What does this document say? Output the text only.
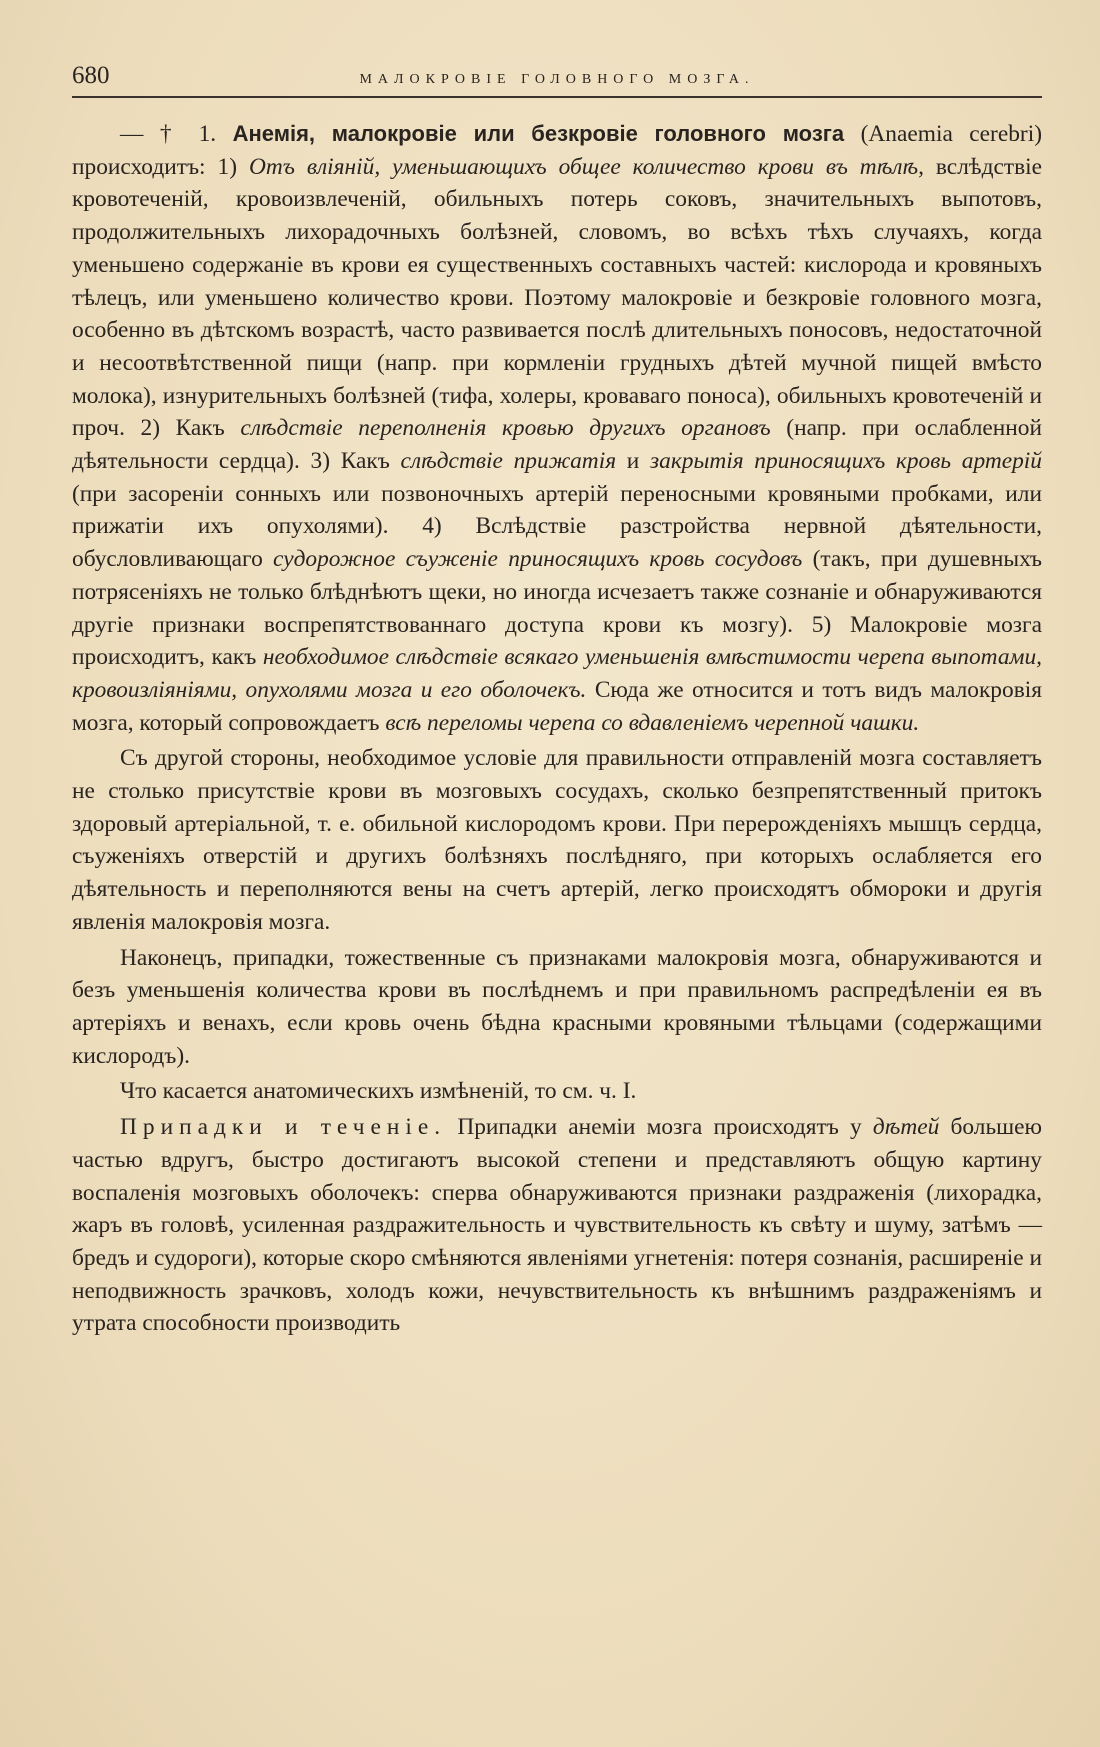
680	МАЛОКРОВІЕ ГОЛОВНОГО МОЗГА.

— † 1. Анемія, малокровіе или безкровіе головного мозга (Anaemia cerebri) происходитъ: 1) Отъ вліяній, уменьшающихъ общее количество крови въ тѣлѣ, вслѣдствіе кровотеченій, кровоизвлеченій, обильныхъ потерь соковъ, значительныхъ выпотовъ, продолжительныхъ лихорадочныхъ болѣзней, словомъ, во всѣхъ тѣхъ случаяхъ, когда уменьшено содержаніе въ крови ея существенныхъ составныхъ частей: кислорода и кровяныхъ тѣлецъ, или уменьшено количество крови. Поэтому малокровіе и безкровіе головного мозга, особенно въ дѣтскомъ возрастѣ, часто развивается послѣ длительныхъ поносовъ, недостаточной и несоотвѣтственной пищи (напр. при кормленіи грудныхъ дѣтей мучной пищей вмѣсто молока), изнурительныхъ болѣзней (тифа, холеры, кроваваго поноса), обильныхъ кровотеченій и проч. 2) Какъ слѣдствіе переполненія кровью другихъ органовъ (напр. при ослабленной дѣятельности сердца). 3) Какъ слѣдствіе прижатія и закрытія приносящихъ кровь артерій (при засореніи сонныхъ или позвоночныхъ артерій переносными кровяными пробками, или прижатіи ихъ опухолями). 4) Вслѣдствіе разстройства нервной дѣятельности, обусловливающаго судорожное съуженіе приносящихъ кровь сосудовъ (такъ, при душевныхъ потрясеніяхъ не только блѣднѣютъ щеки, но иногда исчезаетъ также сознаніе и обнаруживаются другіе признаки воспрепятствованнаго доступа крови къ мозгу). 5) Малокровіе мозга происходитъ, какъ необходимое слѣдствіе всякаго уменьшенія вмѣстимости черепа выпотами, кровоизліяніями, опухолями мозга и его оболочекъ. Сюда же относится и тотъ видъ малокровія мозга, который сопровождаетъ всѣ переломы черепа со вдавленіемъ черепной чашки.

Съ другой стороны, необходимое условіе для правильности отправленій мозга составляетъ не столько присутствіе крови въ мозговыхъ сосудахъ, сколько безпрепятственный притокъ здоровый артеріальной, т. е. обильной кислородомъ крови. При перерожденіяхъ мышцъ сердца, съуженіяхъ отверстій и другихъ болѣзняхъ послѣдняго, при которыхъ ослабляется его дѣятельность и переполняются вены на счетъ артерій, легко происходятъ обмороки и другія явленія малокровія мозга.

Наконецъ, припадки, тожественные съ признаками малокровія мозга, обнаруживаются и безъ уменьшенія количества крови въ послѣднемъ и при правильномъ распредѣленіи ея въ артеріяхъ и венахъ, если кровь очень бѣдна красными кровяными тѣльцами (содержащими кислородъ).

Что касается анатомическихъ измѣненій, то см. ч. I.

Припадки и теченіе. Припадки анеміи мозга происходятъ у дѣтей большею частью вдругъ, быстро достигаютъ высокой степени и представляютъ общую картину воспаленія мозговыхъ оболочекъ: сперва обнаруживаются признаки раздраженія (лихорадка, жаръ въ головѣ, усиленная раздражительность и чувствительность къ свѣту и шуму, затѣмъ — бредъ и судороги), которые скоро смѣняются явленіями угнетенія: потеря сознанія, расширеніе и неподвижность зрачковъ, холодъ кожи, нечувствительность къ внѣшнимъ раздраженіямъ и утрата способности производить
